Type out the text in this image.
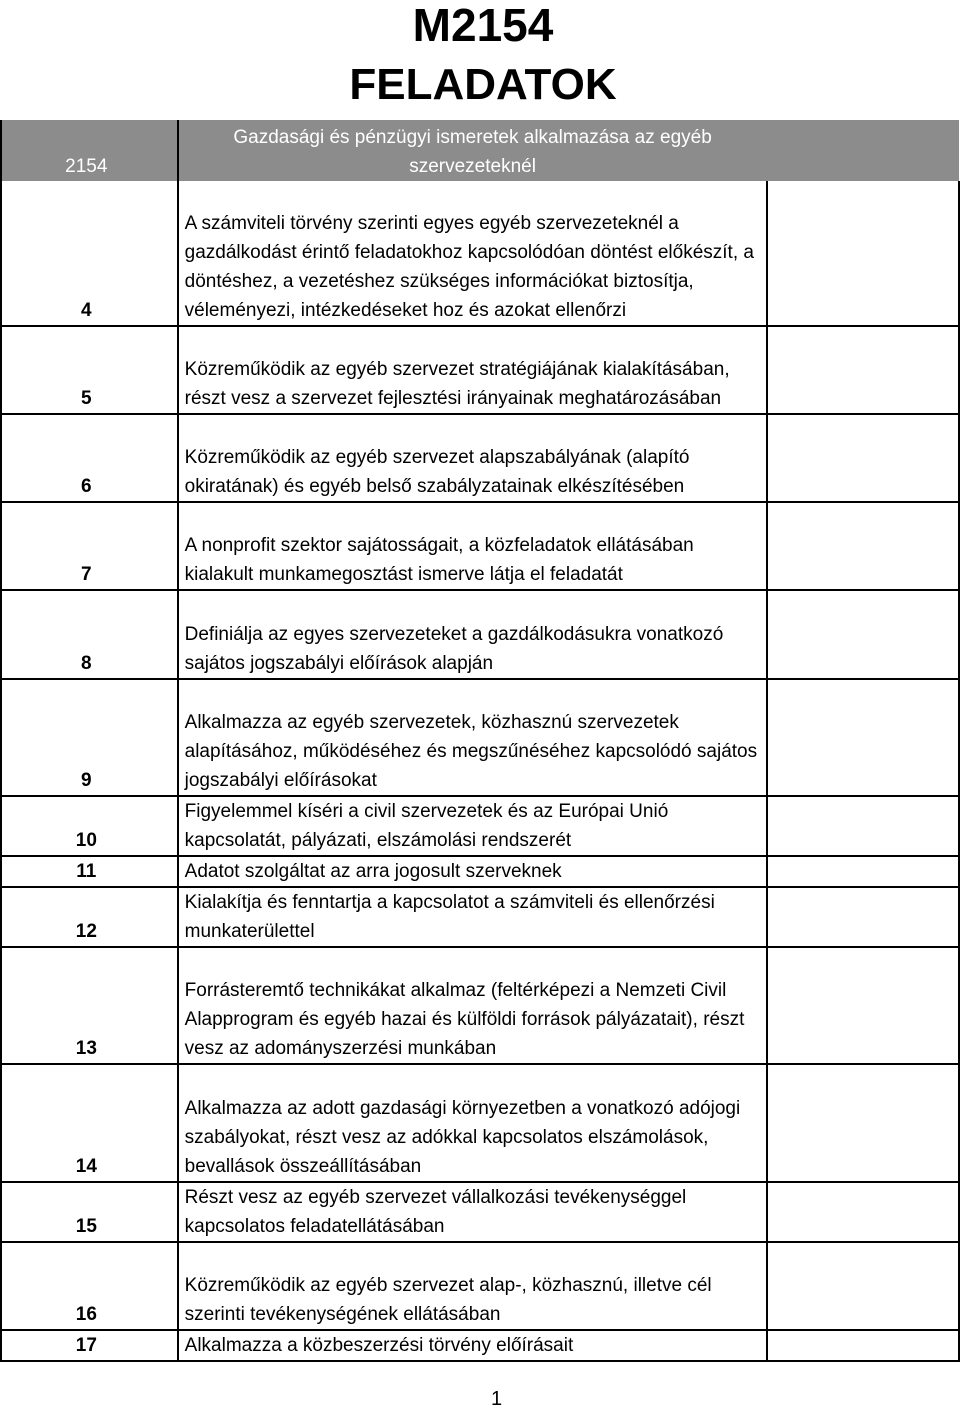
M2154
FELADATOK
2154	Gazdasági és pénzügyi ismeretek alkalmazása az egyéb szervezeteknél	
4	A számviteli törvény szerinti egyes egyéb szervezeteknél a gazdálkodást érintő feladatokhoz kapcsolódóan döntést előkészít, a döntéshez, a vezetéshez szükséges információkat biztosítja, véleményezi, intézkedéseket hoz és azokat ellenőrzi	
5	Közreműködik az egyéb szervezet stratégiájának kialakításában, részt vesz a szervezet fejlesztési irányainak meghatározásában	
6	Közreműködik az egyéb szervezet alapszabályának (alapító okiratának) és egyéb belső szabályzatainak elkészítésében	
7	A nonprofit szektor sajátosságait, a közfeladatok ellátásában kialakult munkamegosztást ismerve látja el feladatát	
8	Definiálja az egyes szervezeteket a gazdálkodásukra vonatkozó sajátos jogszabályi előírások alapján	
9	Alkalmazza az egyéb szervezetek, közhasznú szervezetek alapításához, működéséhez és megszűnéséhez kapcsolódó sajátos jogszabályi előírásokat	
10	Figyelemmel kíséri a civil szervezetek és az Európai Unió kapcsolatát, pályázati, elszámolási rendszerét	
11	Adatot szolgáltat az arra jogosult szerveknek	
12	Kialakítja és fenntartja a kapcsolatot a számviteli és ellenőrzési munkaterülettel	
13	Forrásteremtő technikákat alkalmaz (feltérképezi a Nemzeti Civil Alapprogram és egyéb hazai és külföldi források pályázatait), részt vesz az adományszerzési munkában	
14	Alkalmazza az adott gazdasági környezetben a vonatkozó adójogi szabályokat, részt vesz az adókkal kapcsolatos elszámolások, bevallások összeállításában	
15	Részt vesz az egyéb szervezet vállalkozási tevékenységgel kapcsolatos feladatellátásában	
16	Közreműködik az egyéb szervezet alap-, közhasznú, illetve cél szerinti tevékenységének ellátásában	
17	Alkalmazza a közbeszerzési törvény előírásait	
1
